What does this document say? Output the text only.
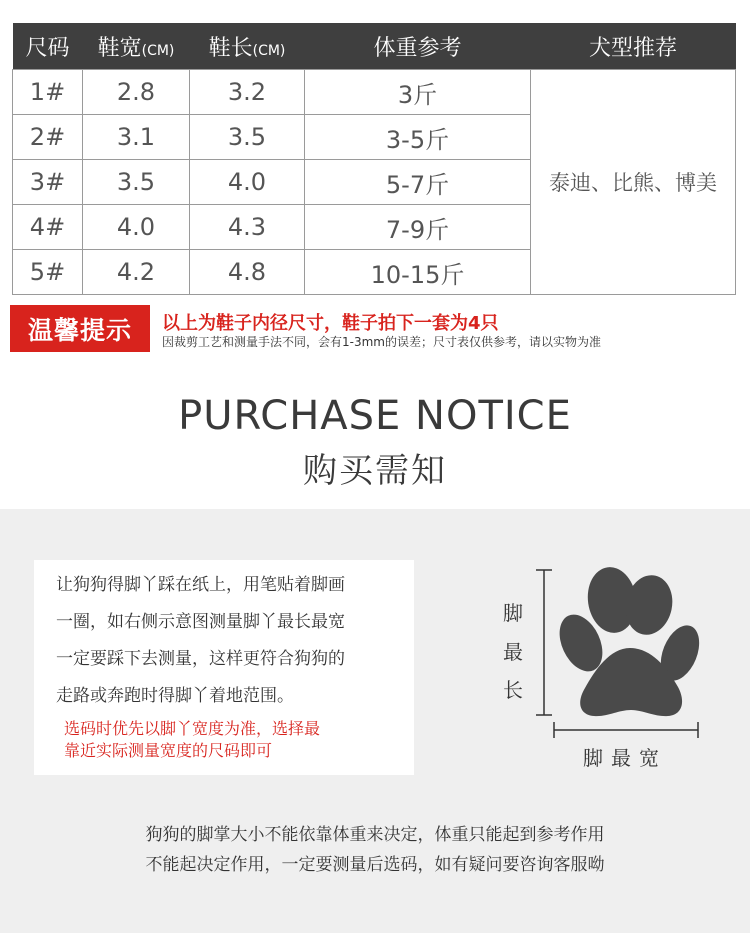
尺码	鞋宽(CM)	鞋长(CM)	体重参考	犬型推荐
1#	2.8	3.2	3斤	泰迪、比熊、博美
2#	3.1	3.5	3-5斤	
3#	3.5	4.0	5-7斤	
4#	4.0	4.3	7-9斤	
5#	4.2	4.8	10-15斤	
温馨提示	以上为鞋子内径尺寸，鞋子拍下一套为4只
因裁剪工艺和测量手法不同，会有1-3mm的误差；尺寸表仅供参考，请以实物为准
PURCHASE NOTICE
购买需知
让狗狗得脚丫踩在纸上，用笔贴着脚画
一圈，如右侧示意图测量脚丫最长最宽
一定要踩下去测量，这样更符合狗狗的
走路或奔跑时得脚丫着地范围。
选码时优先以脚丫宽度为准，选择最
靠近实际测量宽度的尺码即可
脚
最
长
脚最宽
狗狗的脚掌大小不能依靠体重来决定，体重只能起到参考作用
不能起决定作用，一定要测量后选码，如有疑问要咨询客服呦
